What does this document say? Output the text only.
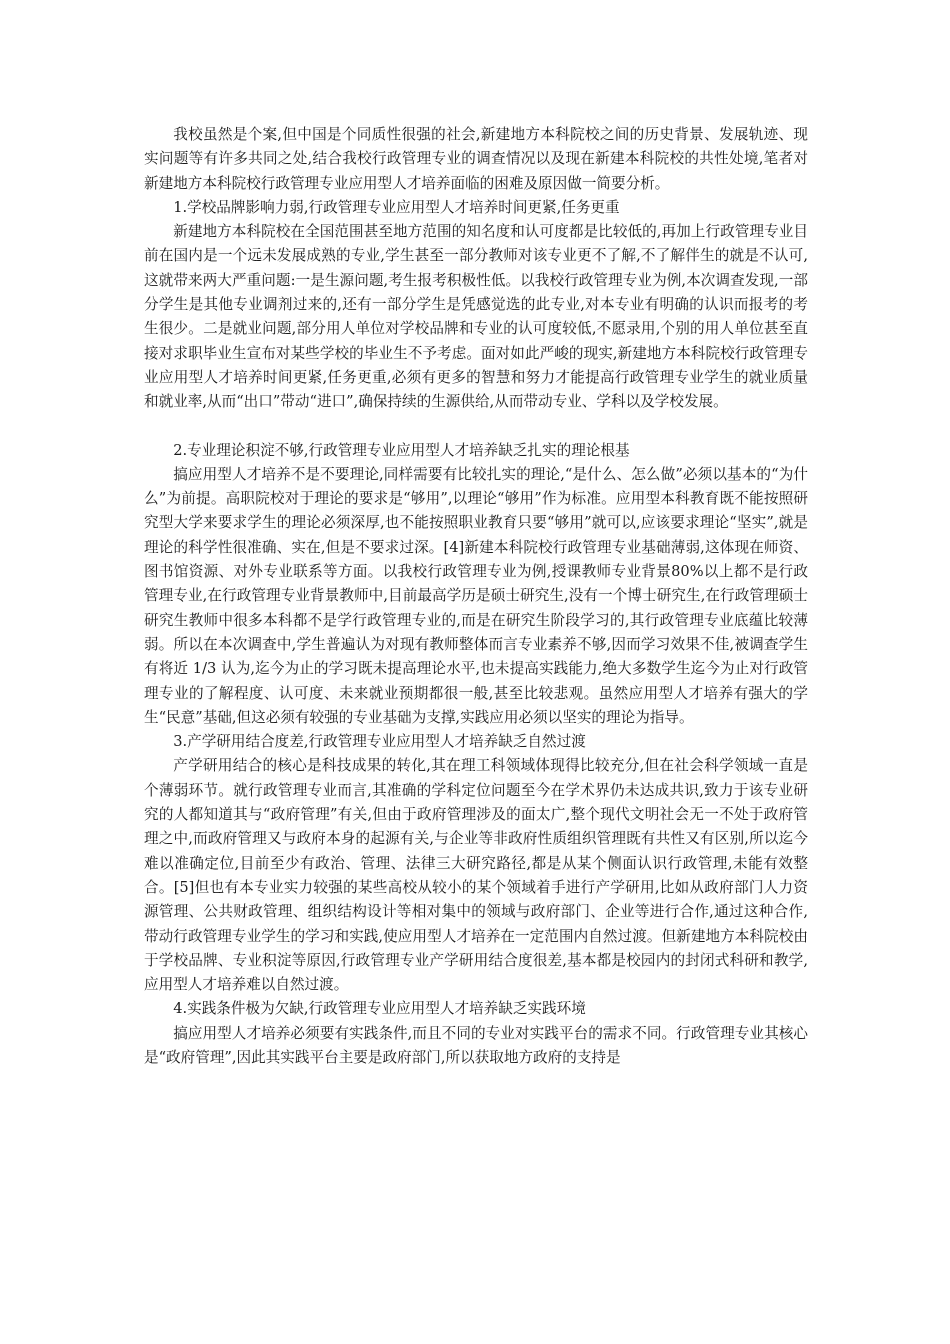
我校虽然是个案,但中国是个同质性很强的社会,新建地方本科院校之间的历史背景、发展轨迹、现实问题等有许多共同之处,结合我校行政管理专业的调查情况以及现在新建本科院校的共性处境,笔者对新建地方本科院校行政管理专业应用型人才培养面临的困难及原因做一简要分析。

1.学校品牌影响力弱,行政管理专业应用型人才培养时间更紧,任务更重

新建地方本科院校在全国范围甚至地方范围的知名度和认可度都是比较低的,再加上行政管理专业目前在国内是一个远未发展成熟的专业,学生甚至一部分教师对该专业更不了解,不了解伴生的就是不认可,这就带来两大严重问题:一是生源问题,考生报考积极性低。以我校行政管理专业为例,本次调查发现,一部分学生是其他专业调剂过来的,还有一部分学生是凭感觉选的此专业,对本专业有明确的认识而报考的考生很少。二是就业问题,部分用人单位对学校品牌和专业的认可度较低,不愿录用,个别的用人单位甚至直接对求职毕业生宣布对某些学校的毕业生不予考虑。面对如此严峻的现实,新建地方本科院校行政管理专业应用型人才培养时间更紧,任务更重,必须有更多的智慧和努力才能提高行政管理专业学生的就业质量和就业率,从而“出口”带动“进口”,确保持续的生源供给,从而带动专业、学科以及学校发展。

2.专业理论积淀不够,行政管理专业应用型人才培养缺乏扎实的理论根基

搞应用型人才培养不是不要理论,同样需要有比较扎实的理论,“是什么、怎么做”必须以基本的“为什么”为前提。高职院校对于理论的要求是“够用”,以理论“够用”作为标准。应用型本科教育既不能按照研究型大学来要求学生的理论必须深厚,也不能按照职业教育只要“够用”就可以,应该要求理论“坚实”,就是理论的科学性很准确、实在,但是不要求过深。[4]新建本科院校行政管理专业基础薄弱,这体现在师资、图书馆资源、对外专业联系等方面。以我校行政管理专业为例,授课教师专业背景80%以上都不是行政管理专业,在行政管理专业背景教师中,目前最高学历是硕士研究生,没有一个博士研究生,在行政管理硕士研究生教师中很多本科都不是学行政管理专业的,而是在研究生阶段学习的,其行政管理专业底蕴比较薄弱。所以在本次调查中,学生普遍认为对现有教师整体而言专业素养不够,因而学习效果不佳,被调查学生有将近 1/3 认为,迄今为止的学习既未提高理论水平,也未提高实践能力,绝大多数学生迄今为止对行政管理专业的了解程度、认可度、未来就业预期都很一般,甚至比较悲观。虽然应用型人才培养有强大的学生“民意”基础,但这必须有较强的专业基础为支撑,实践应用必须以坚实的理论为指导。

3.产学研用结合度差,行政管理专业应用型人才培养缺乏自然过渡

产学研用结合的核心是科技成果的转化,其在理工科领域体现得比较充分,但在社会科学领域一直是个薄弱环节。就行政管理专业而言,其准确的学科定位问题至今在学术界仍未达成共识,致力于该专业研究的人都知道其与“政府管理”有关,但由于政府管理涉及的面太广,整个现代文明社会无一不处于政府管理之中,而政府管理又与政府本身的起源有关,与企业等非政府性质组织管理既有共性又有区别,所以迄今难以准确定位,目前至少有政治、管理、法律三大研究路径,都是从某个侧面认识行政管理,未能有效整合。[5]但也有本专业实力较强的某些高校从较小的某个领域着手进行产学研用,比如从政府部门人力资源管理、公共财政管理、组织结构设计等相对集中的领域与政府部门、企业等进行合作,通过这种合作,带动行政管理专业学生的学习和实践,使应用型人才培养在一定范围内自然过渡。但新建地方本科院校由于学校品牌、专业积淀等原因,行政管理专业产学研用结合度很差,基本都是校园内的封闭式科研和教学,应用型人才培养难以自然过渡。

4.实践条件极为欠缺,行政管理专业应用型人才培养缺乏实践环境

搞应用型人才培养必须要有实践条件,而且不同的专业对实践平台的需求不同。行政管理专业其核心是“政府管理”,因此其实践平台主要是政府部门,所以获取地方政府的支持是
